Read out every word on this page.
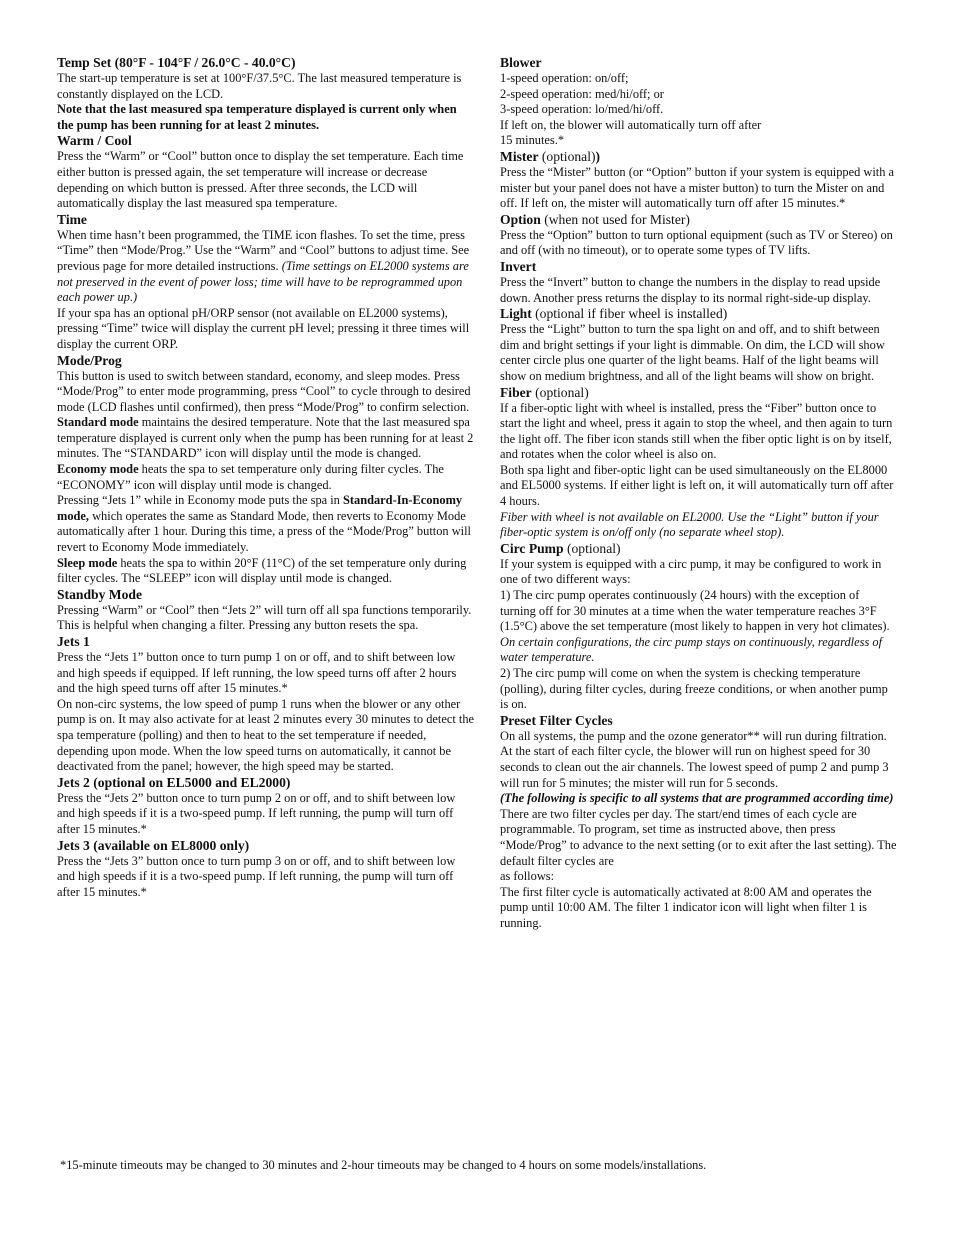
Temp Set (80°F - 104°F / 26.0°C - 40.0°C)

The start-up temperature is set at 100°F/37.5°C. The last measured temperature is constantly displayed on the LCD.

Note that the last measured spa temperature displayed is current only when the pump has been running for at least 2 minutes.

Warm / Cool

Press the “Warm” or “Cool” button once to display the set temperature. Each time either button is pressed again, the set temperature will increase or decrease depending on which button is pressed. After three seconds, the LCD will automatically display the last measured spa temperature.

Time

When time hasn’t been programmed, the TIME icon flashes. To set the time, press “Time” then “Mode/Prog.” Use the “Warm” and “Cool” buttons to adjust time. See previous page for more detailed instructions. (Time settings on EL2000 systems are not preserved in the event of power loss; time will have to be reprogrammed upon each power up.)

If your spa has an optional pH/ORP sensor (not available on EL2000 systems), pressing “Time” twice will display the current pH level; pressing it three times will display the current ORP.

Mode/Prog

This button is used to switch between standard, economy, and sleep modes. Press “Mode/Prog” to enter mode programming, press “Cool” to cycle through to desired mode (LCD flashes until confirmed), then press “Mode/Prog” to confirm selection.

Standard mode maintains the desired temperature. Note that the last measured spa temperature displayed is current only when the pump has been running for at least 2 minutes. The “STANDARD” icon will display until the mode is changed.

Economy mode heats the spa to set temperature only during filter cycles. The “ECONOMY” icon will display until mode is changed.

Pressing “Jets 1” while in Economy mode puts the spa in Standard-In-Economy mode, which operates the same as Standard Mode, then reverts to Economy Mode automatically after 1 hour. During this time, a press of the “Mode/Prog” button will revert to Economy Mode immediately.

Sleep mode heats the spa to within 20°F (11°C) of the set temperature only during filter cycles. The “SLEEP” icon will display until mode is changed.

Standby Mode

Pressing “Warm” or “Cool” then “Jets 2” will turn off all spa functions temporarily. This is helpful when changing a filter. Pressing any button resets the spa.

Jets 1

Press the “Jets 1” button once to turn pump 1 on or off, and to shift between low and high speeds if equipped. If left running, the low speed turns off after 2 hours and the high speed turns off after 15 minutes.*

On non-circ systems, the low speed of pump 1 runs when the blower or any other pump is on. It may also activate for at least 2 minutes every 30 minutes to detect the spa temperature (polling) and then to heat to the set temperature if needed, depending upon mode. When the low speed turns on automatically, it cannot be deactivated from the panel; however, the high speed may be started.

Jets 2 (optional on EL5000 and EL2000)

Press the “Jets 2” button once to turn pump 2 on or off, and to shift between low and high speeds if it is a two-speed pump. If left running, the pump will turn off after 15 minutes.*

Jets 3 (available on EL8000 only)

Press the “Jets 3” button once to turn pump 3 on or off, and to shift between low and high speeds if it is a two-speed pump. If left running, the pump will turn off after 15 minutes.*

Blower

1-speed operation: on/off;

2-speed operation: med/hi/off; or

3-speed operation: lo/med/hi/off.

If left on, the blower will automatically turn off after

15 minutes.*

Mister (optional))

Press the “Mister” button (or “Option” button if your system is equipped with a mister but your panel does not have a mister button) to turn the Mister on and off. If left on, the mister will automatically turn off after 15 minutes.*

Option (when not used for Mister)

Press the “Option” button to turn optional equipment (such as TV or Stereo) on and off (with no timeout), or to operate some types of TV lifts.

Invert

Press the “Invert” button to change the numbers in the display to read upside down. Another press returns the display to its normal right-side-up display.

Light (optional if fiber wheel is installed)

Press the “Light” button to turn the spa light on and off, and to shift between dim and bright settings if your light is dimmable. On dim, the LCD will show center circle plus one quarter of the light beams. Half of the light beams will show on medium brightness, and all of the light beams will show on bright.

Fiber (optional)

If a fiber-optic light with wheel is installed, press the “Fiber” button once to start the light and wheel, press it again to stop the wheel, and then again to turn the light off. The fiber icon stands still when the fiber optic light is on by itself, and rotates when the color wheel is also on.

Both spa light and fiber-optic light can be used simultaneously on the EL8000 and EL5000 systems. If either light is left on, it will automatically turn off after 4 hours.

Fiber with wheel is not available on EL2000. Use the “Light” button if your fiber-optic system is on/off only (no separate wheel stop).

Circ Pump (optional)

If your system is equipped with a circ pump, it may be configured to work in one of two different ways:

1) The circ pump operates continuously (24 hours) with the exception of turning off for 30 minutes at a time when the water temperature reaches 3°F (1.5°C) above the set temperature (most likely to happen in very hot climates).

On certain configurations, the circ pump stays on continuously, regardless of water temperature.

2) The circ pump will come on when the system is checking temperature (polling), during filter cycles, during freeze conditions, or when another pump is on.

Preset Filter Cycles

On all systems, the pump and the ozone generator** will run during filtration. At the start of each filter cycle, the blower will run on highest speed for 30 seconds to clean out the air channels. The lowest speed of pump 2 and pump 3 will run for 5 minutes; the mister will run for 5 seconds.

(The following is specific to all systems that are programmed according time)

There are two filter cycles per day. The start/end times of each cycle are programmable. To program, set time as instructed above, then press “Mode/Prog” to advance to the next setting (or to exit after the last setting). The default filter cycles are

as follows:

The first filter cycle is automatically activated at 8:00 AM and operates the pump until 10:00 AM. The filter 1 indicator icon will light when filter 1 is running.

*15-minute timeouts may be changed to 30 minutes and 2-hour timeouts may be changed to 4 hours on some models/installations.
